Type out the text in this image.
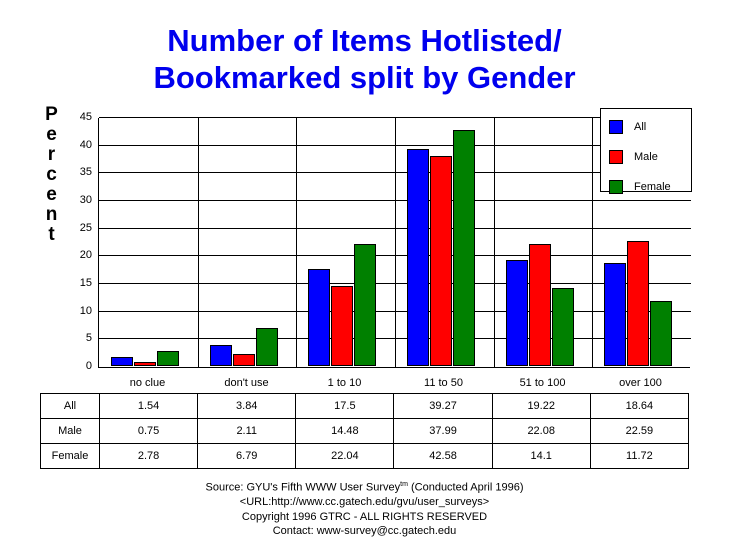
Number of Items Hotlisted/
Bookmarked split by Gender
P
e
r
c
e
n
t
0
5
10
15
20
25
30
35
40
45
All
Male
Female
no clue	don't use	1 to 10	11 to 50	51 to 100	over 100
All	1.54	3.84	17.5	39.27	19.22	18.64
Male	0.75	2.11	14.48	37.99	22.08	22.59
Female	2.78	6.79	22.04	42.58	14.1	11.72
Source: GYU's Fifth WWW User Survey$^{tm}$ (Conducted April 1996)
<URL:http://www.cc.gatech.edu/gvu/user_surveys>
Copyright 1996 GTRC - ALL RIGHTS RESERVED
Contact: www-survey@cc.gatech.edu
